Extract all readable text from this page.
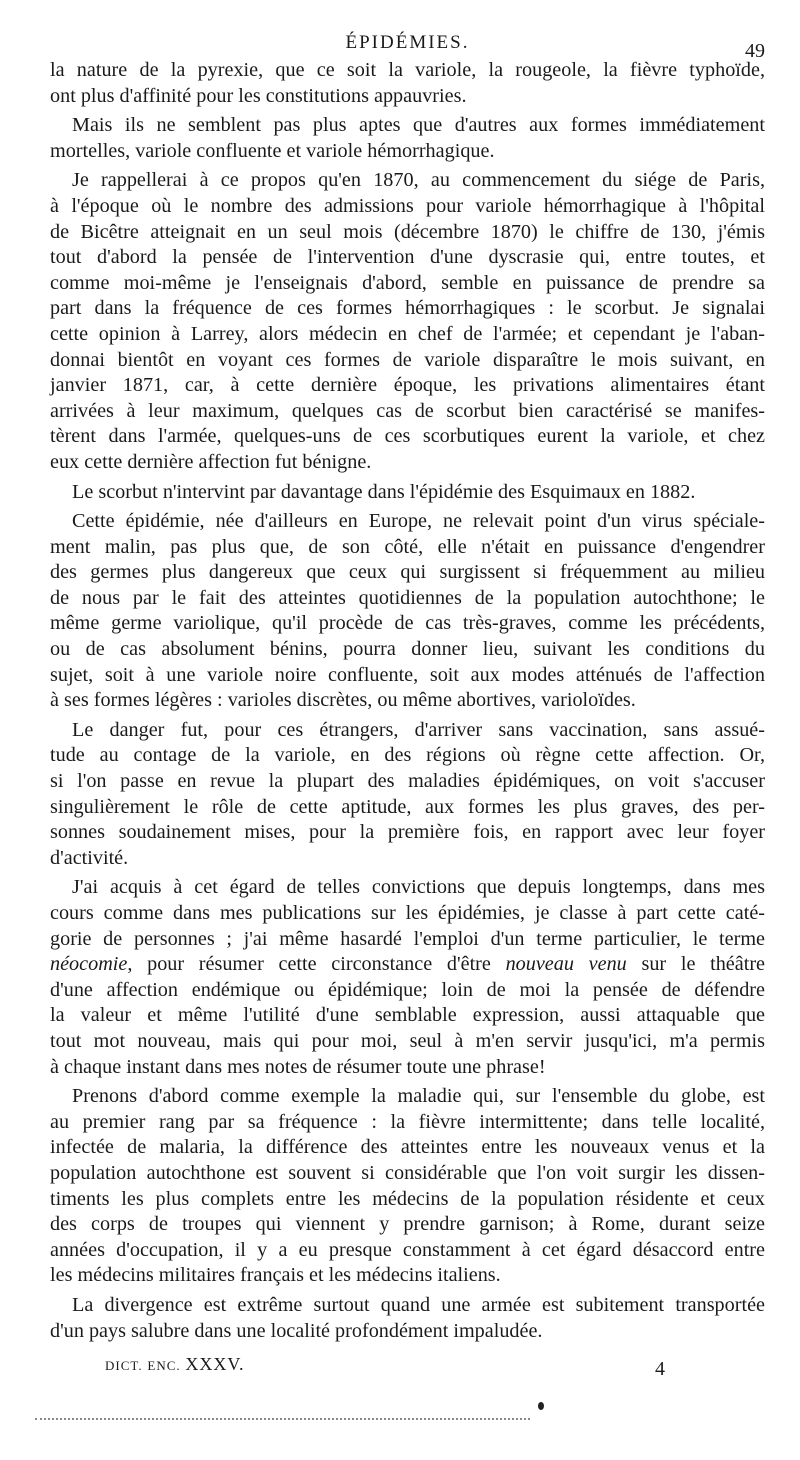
ÉPIDÉMIES.	49

la nature de la pyrexie, que ce soit la variole, la rougeole, la fièvre typhoïde,
ont plus d'affinité pour les constitutions appauvries.

Mais ils ne semblent pas plus aptes que d'autres aux formes immédiatement
mortelles, variole confluente et variole hémorrhagique.

Je rappellerai à ce propos qu'en 1870, au commencement du siége de Paris,
à l'époque où le nombre des admissions pour variole hémorrhagique à l'hôpital
de Bicêtre atteignait en un seul mois (décembre 1870) le chiffre de 130, j'émis
tout d'abord la pensée de l'intervention d'une dyscrasie qui, entre toutes, et
comme moi-même je l'enseignais d'abord, semble en puissance de prendre sa
part dans la fréquence de ces formes hémorrhagiques : le scorbut. Je signalai
cette opinion à Larrey, alors médecin en chef de l'armée; et cependant je l'aban-
donnai bientôt en voyant ces formes de variole disparaître le mois suivant, en
janvier 1871, car, à cette dernière époque, les privations alimentaires étant
arrivées à leur maximum, quelques cas de scorbut bien caractérisé se manifes-
tèrent dans l'armée, quelques-uns de ces scorbutiques eurent la variole, et chez
eux cette dernière affection fut bénigne.

Le scorbut n'intervint par davantage dans l'épidémie des Esquimaux en 1882.

Cette épidémie, née d'ailleurs en Europe, ne relevait point d'un virus spéciale-
ment malin, pas plus que, de son côté, elle n'était en puissance d'engendrer
des germes plus dangereux que ceux qui surgissent si fréquemment au milieu
de nous par le fait des atteintes quotidiennes de la population autochthone; le
même germe variolique, qu'il procède de cas très-graves, comme les précédents,
ou de cas absolument bénins, pourra donner lieu, suivant les conditions du
sujet, soit à une variole noire confluente, soit aux modes atténués de l'affection
à ses formes légères : varioles discrètes, ou même abortives, varioloïdes.

Le danger fut, pour ces étrangers, d'arriver sans vaccination, sans assué-
tude au contage de la variole, en des régions où règne cette affection. Or,
si l'on passe en revue la plupart des maladies épidémiques, on voit s'accuser
singulièrement le rôle de cette aptitude, aux formes les plus graves, des per-
sonnes soudainement mises, pour la première fois, en rapport avec leur foyer
d'activité.

J'ai acquis à cet égard de telles convictions que depuis longtemps, dans mes
cours comme dans mes publications sur les épidémies, je classe à part cette caté-
gorie de personnes ; j'ai même hasardé l'emploi d'un terme particulier, le terme
néocomie, pour résumer cette circonstance d'être nouveau venu sur le théâtre
d'une affection endémique ou épidémique; loin de moi la pensée de défendre
la valeur et même l'utilité d'une semblable expression, aussi attaquable que
tout mot nouveau, mais qui pour moi, seul à m'en servir jusqu'ici, m'a permis
à chaque instant dans mes notes de résumer toute une phrase!

Prenons d'abord comme exemple la maladie qui, sur l'ensemble du globe, est
au premier rang par sa fréquence : la fièvre intermittente; dans telle localité,
infectée de malaria, la différence des atteintes entre les nouveaux venus et la
population autochthone est souvent si considérable que l'on voit surgir les dissen-
timents les plus complets entre les médecins de la population résidente et ceux
des corps de troupes qui viennent y prendre garnison; à Rome, durant seize
années d'occupation, il y a eu presque constamment à cet égard désaccord entre
les médecins militaires français et les médecins italiens.

La divergence est extrême surtout quand une armée est subitement transportée
d'un pays salubre dans une localité profondément impaludée.

DICT. ENC. XXXV.	4
